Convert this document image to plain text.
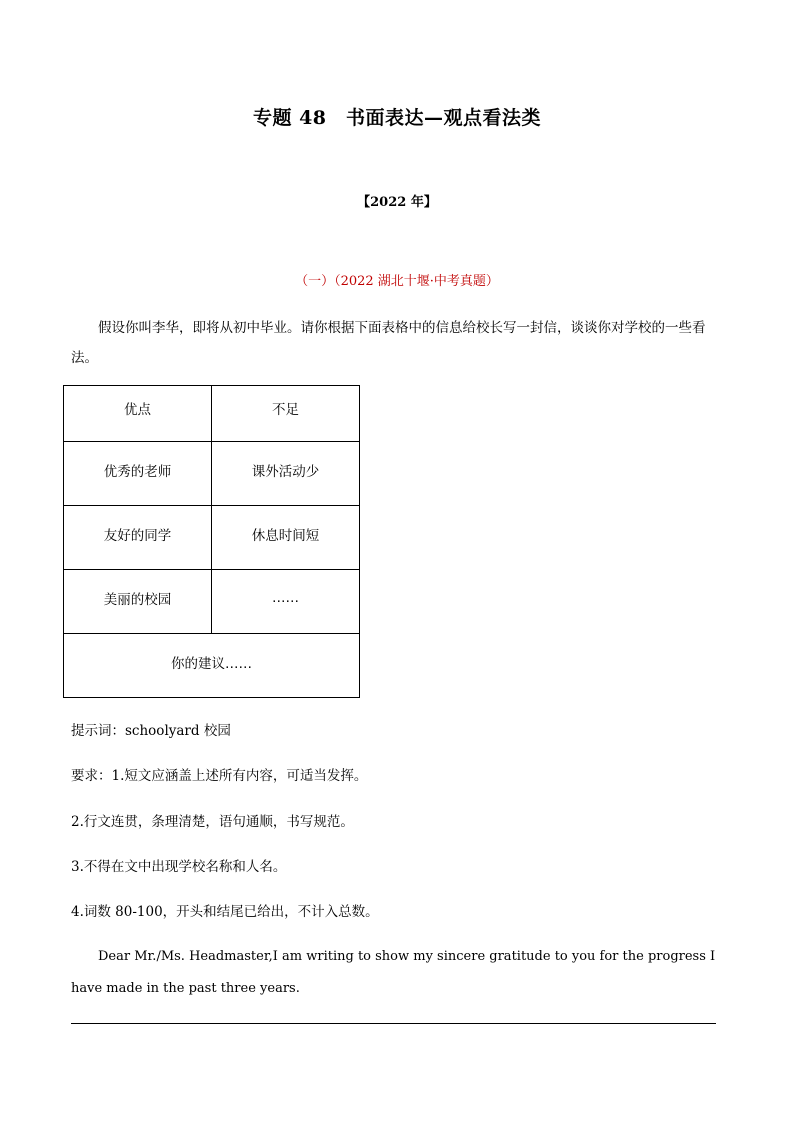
专题 48　书面表达—观点看法类
【2022 年】
（一）（2022 湖北十堰·中考真题）

假设你叫李华，即将从初中毕业。请你根据下面表格中的信息给校长写一封信，谈谈你对学校的一些看法。

优点	不足
优秀的老师	课外活动少
友好的同学	休息时间短
美丽的校园	……
你的建议……	

提示词：schoolyard 校园

要求：1.短文应涵盖上述所有内容，可适当发挥。

2.行文连贯，条理清楚，语句通顺，书写规范。

3.不得在文中出现学校名称和人名。

4.词数 80-100，开头和结尾已给出，不计入总数。

Dear Mr./Ms. Headmaster,I am writing to show my sincere gratitude to you for the progress I have made in the past three years.
